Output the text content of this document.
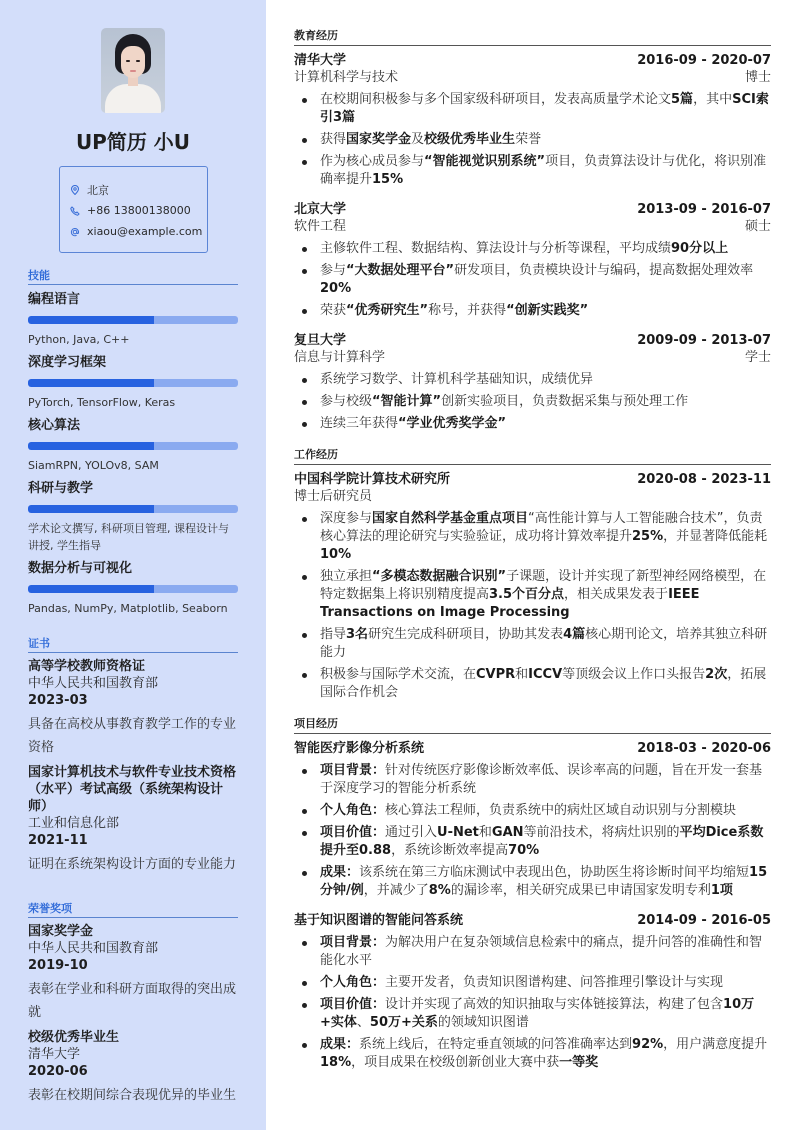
UP简历 小U
北京
+86 13800138000
xiaou@example.com
技能
编程语言
Python, Java, C++
深度学习框架
PyTorch, TensorFlow, Keras
核心算法
SiamRPN, YOLOv8, SAM
科研与教学
学术论文撰写, 科研项目管理, 课程设计与讲授, 学生指导
数据分析与可视化
Pandas, NumPy, Matplotlib, Seaborn
证书
高等学校教师资格证
中华人民共和国教育部
2023-03
具备在高校从事教育教学工作的专业资格
国家计算机技术与软件专业技术资格（水平）考试高级（系统架构设计师）
工业和信息化部
2021-11
证明在系统架构设计方面的专业能力
荣誉奖项
国家奖学金
中华人民共和国教育部
2019-10
表彰在学业和科研方面取得的突出成就
校级优秀毕业生
清华大学
2020-06
表彰在校期间综合表现优异的毕业生
教育经历
清华大学	2016-09 - 2020-07
计算机科学与技术	博士
在校期间积极参与多个国家级科研项目，发表高质量学术论文5篇，其中SCI索引3篇
获得国家奖学金及校级优秀毕业生荣誉
作为核心成员参与“智能视觉识别系统”项目，负责算法设计与优化，将识别准确率提升15%
北京大学	2013-09 - 2016-07
软件工程	硕士
主修软件工程、数据结构、算法设计与分析等课程，平均成绩90分以上
参与“大数据处理平台”研发项目，负责模块设计与编码，提高数据处理效率20%
荣获“优秀研究生”称号，并获得“创新实践奖”
复旦大学	2009-09 - 2013-07
信息与计算科学	学士
系统学习数学、计算机科学基础知识，成绩优异
参与校级“智能计算”创新实验项目，负责数据采集与预处理工作
连续三年获得“学业优秀奖学金”
工作经历
中国科学院计算技术研究所	2020-08 - 2023-11
博士后研究员
深度参与国家自然科学基金重点项目“高性能计算与人工智能融合技术”，负责核心算法的理论研究与实验验证，成功将计算效率提升25%，并显著降低能耗10%
独立承担“多模态数据融合识别”子课题，设计并实现了新型神经网络模型，在特定数据集上将识别精度提高3.5个百分点，相关成果发表于IEEE Transactions on Image Processing
指导3名研究生完成科研项目，协助其发表4篇核心期刊论文，培养其独立科研能力
积极参与国际学术交流，在CVPR和ICCV等顶级会议上作口头报告2次，拓展国际合作机会
项目经历
智能医疗影像分析系统	2018-03 - 2020-06
项目背景：针对传统医疗影像诊断效率低、误诊率高的问题，旨在开发一套基于深度学习的智能分析系统
个人角色：核心算法工程师，负责系统中的病灶区域自动识别与分割模块
项目价值：通过引入U-Net和GAN等前沿技术，将病灶识别的平均Dice系数提升至0.88，系统诊断效率提高70%
成果：该系统在第三方临床测试中表现出色，协助医生将诊断时间平均缩短15分钟/例，并减少了8%的漏诊率，相关研究成果已申请国家发明专利1项
基于知识图谱的智能问答系统	2014-09 - 2016-05
项目背景：为解决用户在复杂领域信息检索中的痛点，提升问答的准确性和智能化水平
个人角色：主要开发者，负责知识图谱构建、问答推理引擎设计与实现
项目价值：设计并实现了高效的知识抽取与实体链接算法，构建了包含10万+实体、50万+关系的领域知识图谱
成果：系统上线后，在特定垂直领域的问答准确率达到92%，用户满意度提升18%，项目成果在校级创新创业大赛中获一等奖
